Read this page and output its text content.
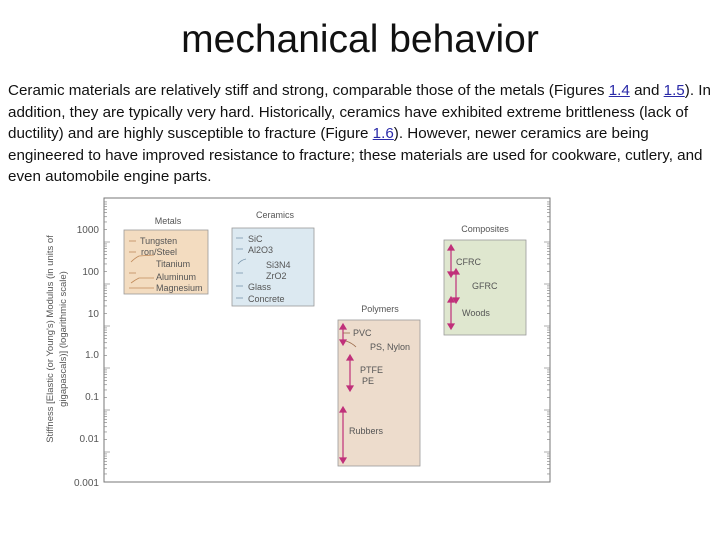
mechanical behavior
Ceramic materials are relatively stiff and strong, comparable those of the metals (Figures 1.4 and 1.5). In addition, they are typically very hard. Historically, ceramics have exhibited extreme brittleness (lack of ductility) and are highly susceptible to fracture (Figure 1.6). However, newer ceramics are being engineered to have improved resistance to fracture; these materials are used for cookware, cutlery, and even automobile engine parts.
Stiffness [Elastic (or Young's) Modulus (in units of gigapascals)] (logarithmic scale)
1000
100
10
1.0
0.1
0.01
0.001
Metals
Tungsten
ron/Steel
Titanium
Aluminum
Magnesium
Ceramics
SiC
Al2O3
Si3N4
ZrO2
Glass
Concrete
Polymers
PVC
PS, Nylon
PTFE
PE
Rubbers
Composites
CFRC
GFRC
Woods
